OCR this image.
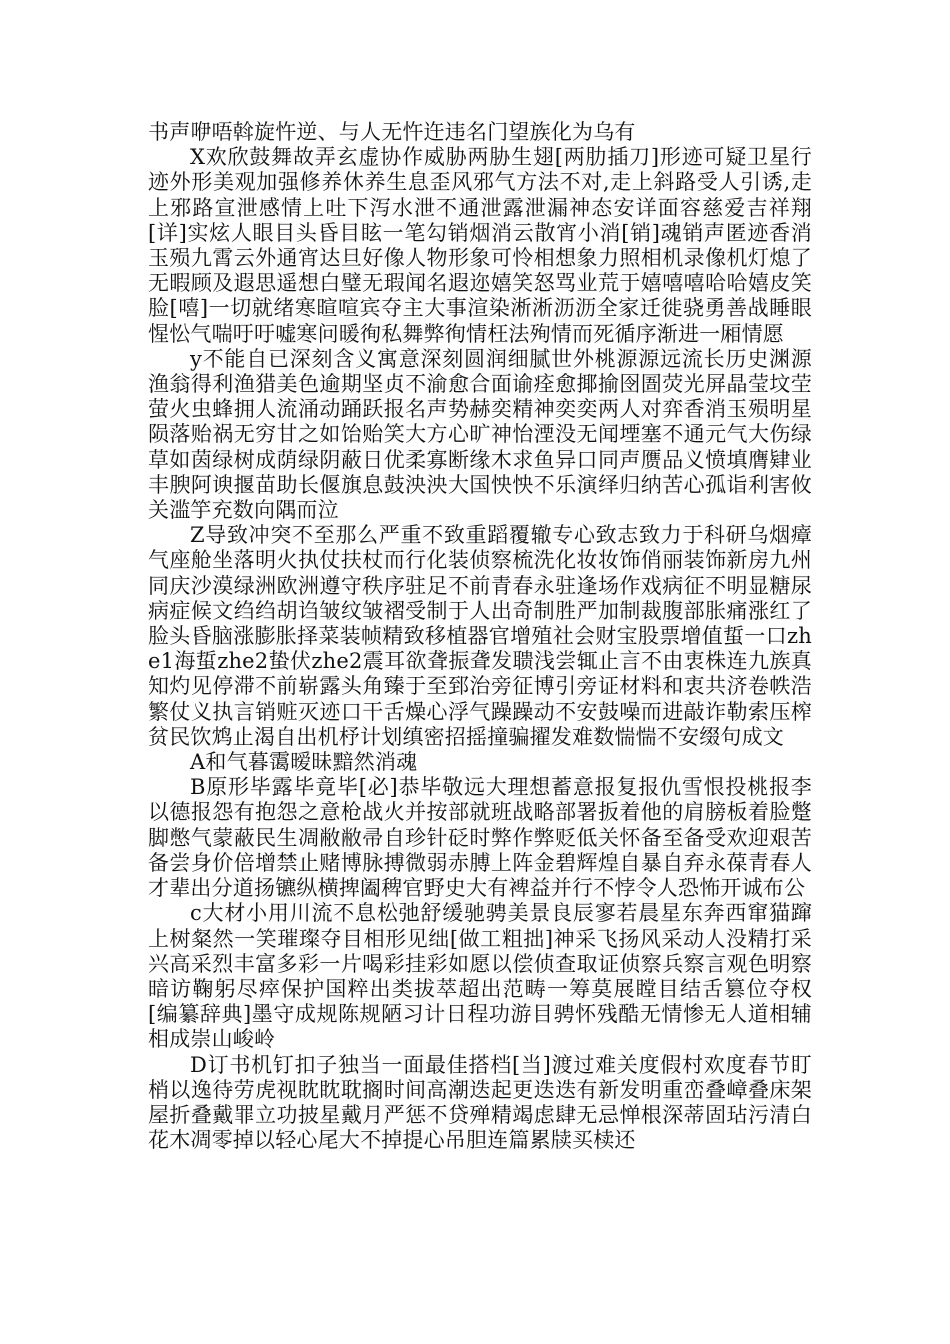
书声咿唔斡旋忤逆、与人无忤迕违名门望族化为乌有

X欢欣鼓舞故弄玄虚协作威胁两胁生翅[两肋插刀]形迹可疑卫星行迹外形美观加强修养休养生息歪风邪气方法不对,走上斜路受人引诱,走上邪路宣泄感情上吐下泻水泄不通泄露泄漏神态安详面容慈爱吉祥翔[详]实炫人眼目头昏目眩一笔勾销烟消云散宵小消[销]魂销声匿迹香消玉殒九霄云外通宵达旦好像人物形象可怜相想象力照相机录像机灯熄了无暇顾及遐思遥想白璧无瑕闻名遐迩嬉笑怒骂业荒于嬉嘻嘻哈哈嬉皮笑脸[嘻]一切就绪寒暄喧宾夺主大事渲染淅淅沥沥全家迁徙骁勇善战睡眼惺忪气喘吁吁嘘寒问暖徇私舞弊徇情枉法殉情而死循序渐进一厢情愿

y不能自已深刻含义寓意深刻圆润细腻世外桃源源远流长历史渊源渔翁得利渔猎美色逾期坚贞不渝愈合面谕痊愈揶揄囹圄荧光屏晶莹坟茔萤火虫蜂拥人流涌动踊跃报名声势赫奕精神奕奕两人对弈香消玉殒明星陨落贻祸无穷甘之如饴贻笑大方心旷神怡湮没无闻堙塞不通元气大伤绿草如茵绿树成荫绿阴蔽日优柔寡断缘木求鱼异口同声赝品义愤填膺肄业丰腴阿谀揠苗助长偃旗息鼓泱泱大国怏怏不乐演绎归纳苦心孤诣利害攸关滥竽充数向隅而泣

Z导致冲突不至那么严重不致重蹈覆辙专心致志致力于科研乌烟瘴气座舱坐落明火执仗扶杖而行化装侦察梳洗化妆妆饰俏丽装饰新房九州同庆沙漠绿洲欧洲遵守秩序驻足不前青春永驻逢场作戏病征不明显糖尿病症候文绉绉胡诌皱纹皱褶受制于人出奇制胜严加制裁腹部胀痛涨红了脸头昏脑涨膨胀择菜装帧精致移植器官增殖社会财宝股票增值蜇一口zhe1海蜇zhe2蛰伏zhe2震耳欲聋振聋发聩浅尝辄止言不由衷株连九族真知灼见停滞不前崭露头角臻于至郅治旁征博引旁证材料和衷共济卷帙浩繁仗义执言销赃灭迹口干舌燥心浮气躁躁动不安鼓噪而进敲诈勒索压榨贫民饮鸩止渴自出机杼计划缜密招摇撞骗擢发难数惴惴不安缀句成文

A和气暮霭暧昧黯然消魂

B原形毕露毕竟毕[必]恭毕敬远大理想蓄意报复报仇雪恨投桃报李以德报怨有抱怨之意枪战火并按部就班战略部署扳着他的肩膀板着脸蹩脚憋气蒙蔽民生凋敝敝帚自珍针砭时弊作弊贬低关怀备至备受欢迎艰苦备尝身价倍增禁止赌博脉搏微弱赤膊上阵金碧辉煌自暴自弃永葆青春人才辈出分道扬镳纵横捭阖稗官野史大有裨益并行不悖令人恐怖开诚布公

c大材小用川流不息松弛舒缓驰骋美景良辰寥若晨星东奔西窜猫蹿上树粲然一笑璀璨夺目相形见绌[做工粗拙]神采飞扬风采动人没精打采兴高采烈丰富多彩一片喝彩挂彩如愿以偿侦查取证侦察兵察言观色明察暗访鞠躬尽瘁保护国粹出类拔萃超出范畴一筹莫展瞠目结舌篡位夺权[编纂辞典]墨守成规陈规陋习计日程功游目骋怀残酷无情惨无人道相辅相成崇山峻岭

D订书机钉扣子独当一面最佳搭档[当]渡过难关度假村欢度春节盯梢以逸待劳虎视眈眈耽搁时间高潮迭起更迭迭有新发明重峦叠嶂叠床架屋折叠戴罪立功披星戴月严惩不贷殚精竭虑肆无忌惮根深蒂固玷污清白花木凋零掉以轻心尾大不掉提心吊胆连篇累牍买椟还
